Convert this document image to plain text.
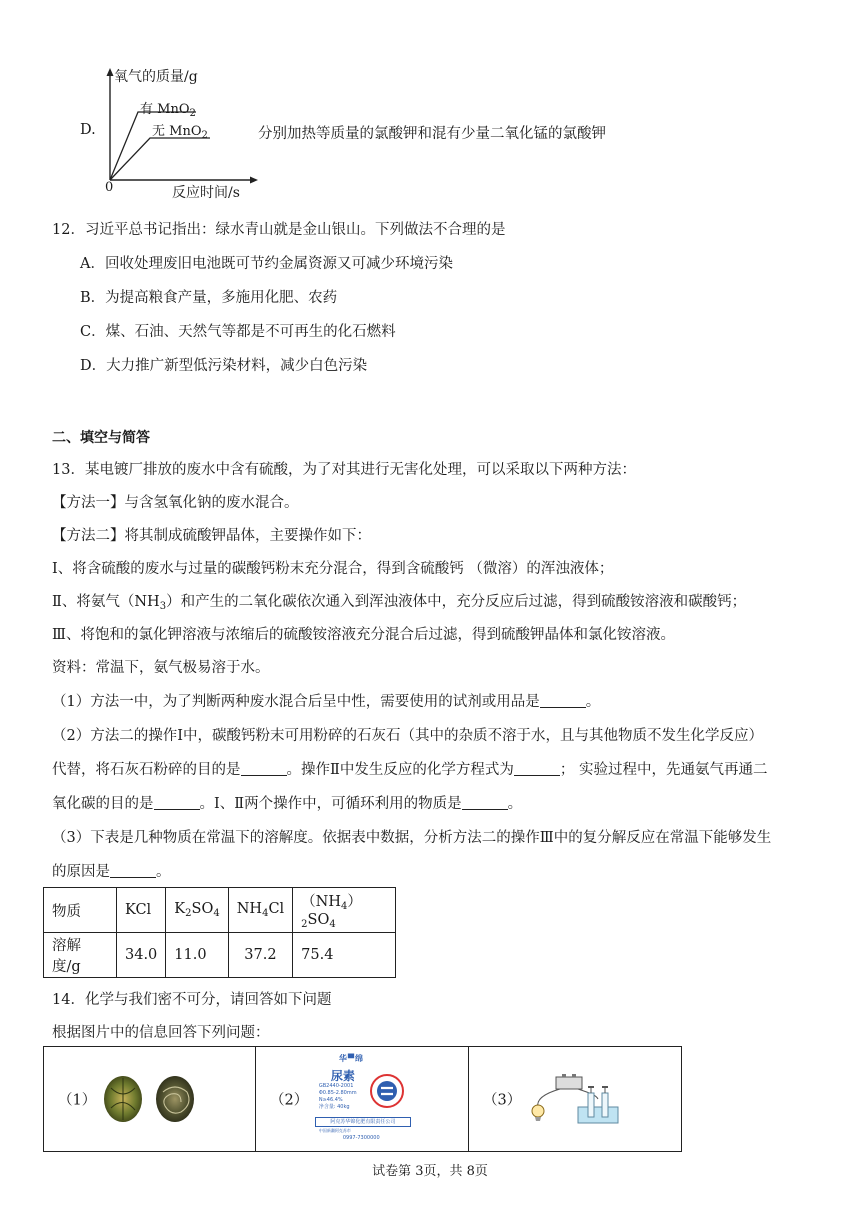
D.
氧气的质量/g
有 MnO$_2$
无 MnO$_2$
0	反应时间/s
分别加热等质量的氯酸钾和混有少量二氧化锰的氯酸钾
12．习近平总书记指出：绿水青山就是金山银山。下列做法不合理的是
A．回收处理废旧电池既可节约金属资源又可减少环境污染
B．为提高粮食产量，多施用化肥、农药
C．煤、石油、天然气等都是不可再生的化石燃料
D．大力推广新型低污染材料，减少白色污染
二、填空与简答
13．某电镀厂排放的废水中含有硫酸，为了对其进行无害化处理，可以采取以下两种方法：
【方法一】与含氢氧化钠的废水混合。
【方法二】将其制成硫酸钾晶体，主要操作如下：
Ⅰ、将含硫酸的废水与过量的碳酸钙粉末充分混合，得到含硫酸钙 （微溶）的浑浊液体；
Ⅱ、将氨气$(NH_3)$和产生的二氧化碳依次通入到浑浊液体中，充分反应后过滤，得到硫酸铵溶液和碳酸钙；
Ⅲ、将饱和的氯化钾溶液与浓缩后的硫酸铵溶液充分混合后过滤，得到硫酸钾晶体和氯化铵溶液。
资料：常温下，氨气极易溶于水。
（1）方法一中，为了判断两种废水混合后呈中性，需要使用的试剂或用品是	。
（2）方法二的操作Ⅰ中，碳酸钙粉末可用粉碎的石灰石（其中的杂质不溶于水，且与其他物质不发生化学反应）
代替，将石灰石粉碎的目的是	。操作Ⅱ中发生反应的化学方程式为	； 实验过程中，先通氨气再通二
氧化碳的目的是	。Ⅰ、Ⅱ两个操作中，可循环利用的物质是	。
（3）下表是几种物质在常温下的溶解度。依据表中数据，分析方法二的操作Ⅲ中的复分解反应在常温下能够发生
的原因是	。
物质	KCl	$K_2SO_4$	$NH_4Cl$	$(NH_4)_2SO_4$
溶解度/g	34.0	11.0	37.2	75.4
14．化学与我们密不可分，请回答如下问题
根据图片中的信息回答下列问题：
（1）	（2）
华▀绵
尿素
GB2440-2001
Φ0.85-2.80mm
N≥46.4%
净含量: 40kg
阿克苏华锦化肥有限责任公司
中国新疆阿克苏市
0997-7300000
	（3）
试卷第 3页，共 8页
